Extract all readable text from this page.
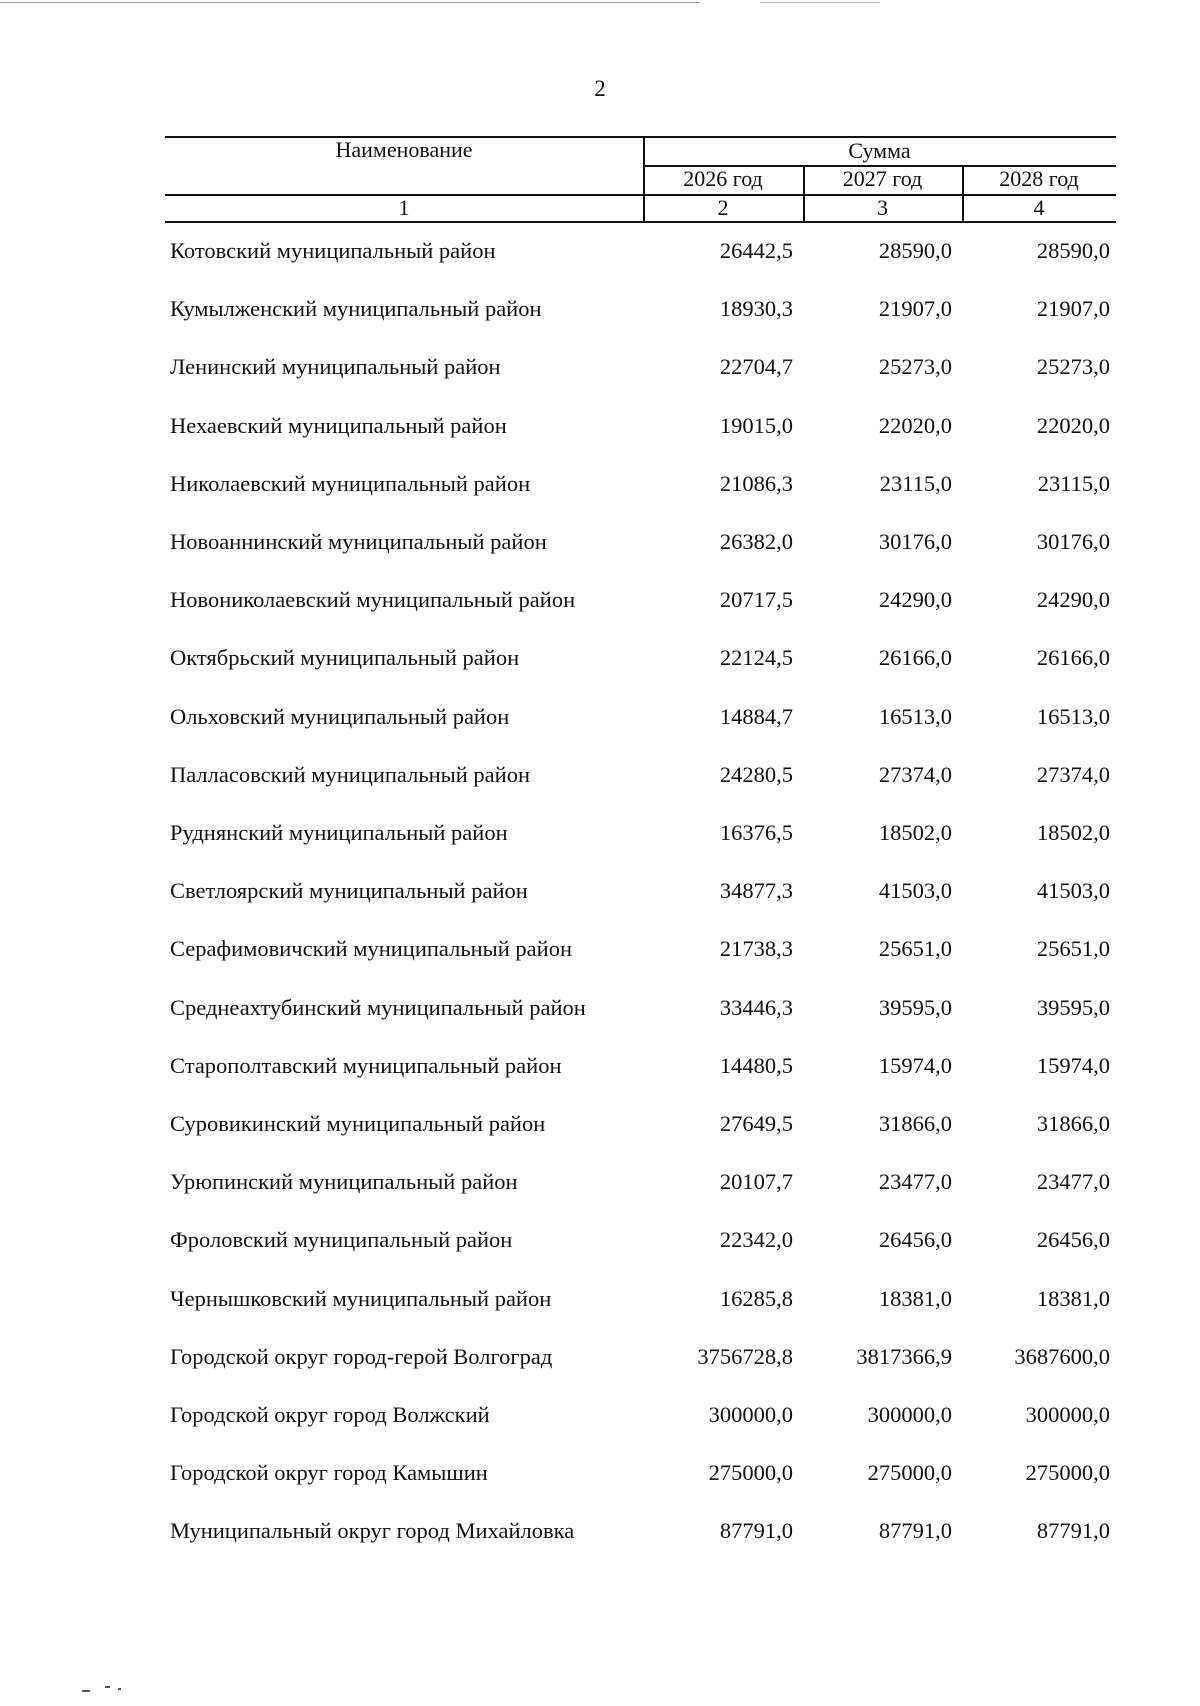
2
Наименование	Сумма
2026 год	2027 год	2028 год
1	2	3	4
Котовский муниципальный район	26442,5	28590,0	28590,0
Кумылженский муниципальный район	18930,3	21907,0	21907,0
Ленинский муниципальный район	22704,7	25273,0	25273,0
Нехаевский муниципальный район	19015,0	22020,0	22020,0
Николаевский муниципальный район	21086,3	23115,0	23115,0
Новоаннинский муниципальный район	26382,0	30176,0	30176,0
Новониколаевский муниципальный район	20717,5	24290,0	24290,0
Октябрьский муниципальный район	22124,5	26166,0	26166,0
Ольховский муниципальный район	14884,7	16513,0	16513,0
Палласовский муниципальный район	24280,5	27374,0	27374,0
Руднянский муниципальный район	16376,5	18502,0	18502,0
Светлоярский муниципальный район	34877,3	41503,0	41503,0
Серафимовичский муниципальный район	21738,3	25651,0	25651,0
Среднеахтубинский муниципальный район	33446,3	39595,0	39595,0
Старополтавский муниципальный район	14480,5	15974,0	15974,0
Суровикинский муниципальный район	27649,5	31866,0	31866,0
Урюпинский муниципальный район	20107,7	23477,0	23477,0
Фроловский муниципальный район	22342,0	26456,0	26456,0
Чернышковский муниципальный район	16285,8	18381,0	18381,0
Городской округ город-герой Волгоград	3756728,8	3817366,9	3687600,0
Городской округ город Волжский	300000,0	300000,0	300000,0
Городской округ город Камышин	275000,0	275000,0	275000,0
Муниципальный округ город Михайловка	87791,0	87791,0	87791,0
